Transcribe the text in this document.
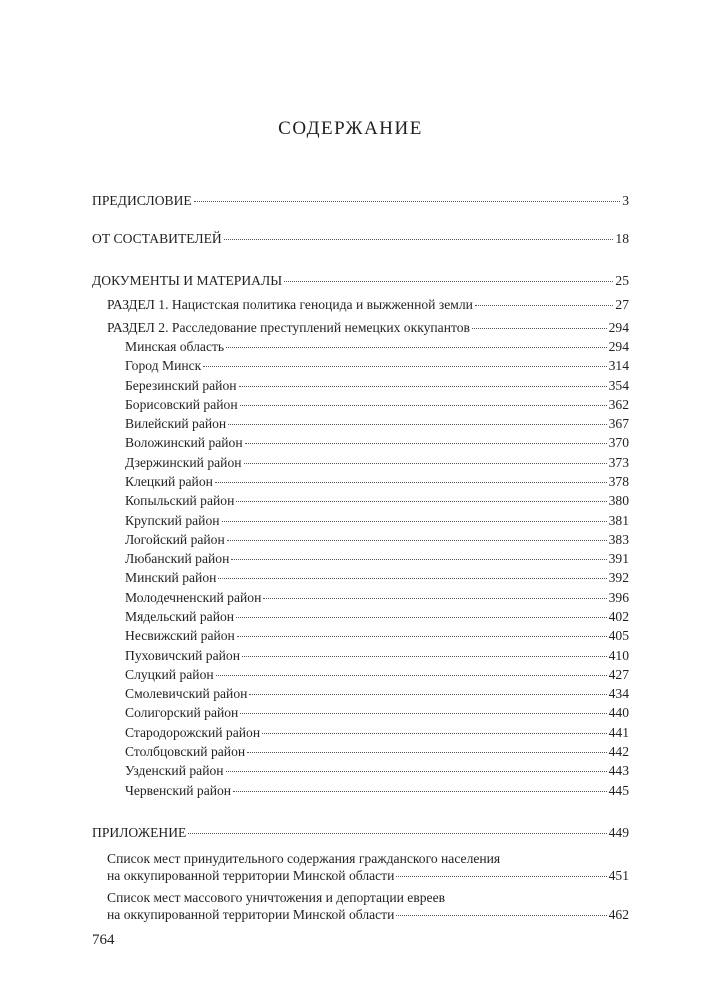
СОДЕРЖАНИЕ
ПРЕДИСЛОВИЕ	3
ОТ СОСТАВИТЕЛЕЙ	18
ДОКУМЕНТЫ И МАТЕРИАЛЫ	25
РАЗДЕЛ 1. Нацистская политика геноцида и выжженной земли	27
РАЗДЕЛ 2. Расследование преступлений немецких оккупантов	294
Минская область	294
Город Минск	314
Березинский район	354
Борисовский район	362
Вилейский район	367
Воложинский район	370
Дзержинский район	373
Клецкий район	378
Копыльский район	380
Крупский район	381
Логойский район	383
Любанский район	391
Минский район	392
Молодечненский район	396
Мядельский район	402
Несвижский район	405
Пуховичский район	410
Слуцкий район	427
Смолевичский район	434
Солигорский район	440
Стародорожский район	441
Столбцовский район	442
Узденский район	443
Червенский район	445
ПРИЛОЖЕНИЕ	449
Список мест принудительного содержания гражданского населения
на оккупированной территории Минской области	451
Список мест массового уничтожения и депортации евреев
на оккупированной территории Минской области	462
764
